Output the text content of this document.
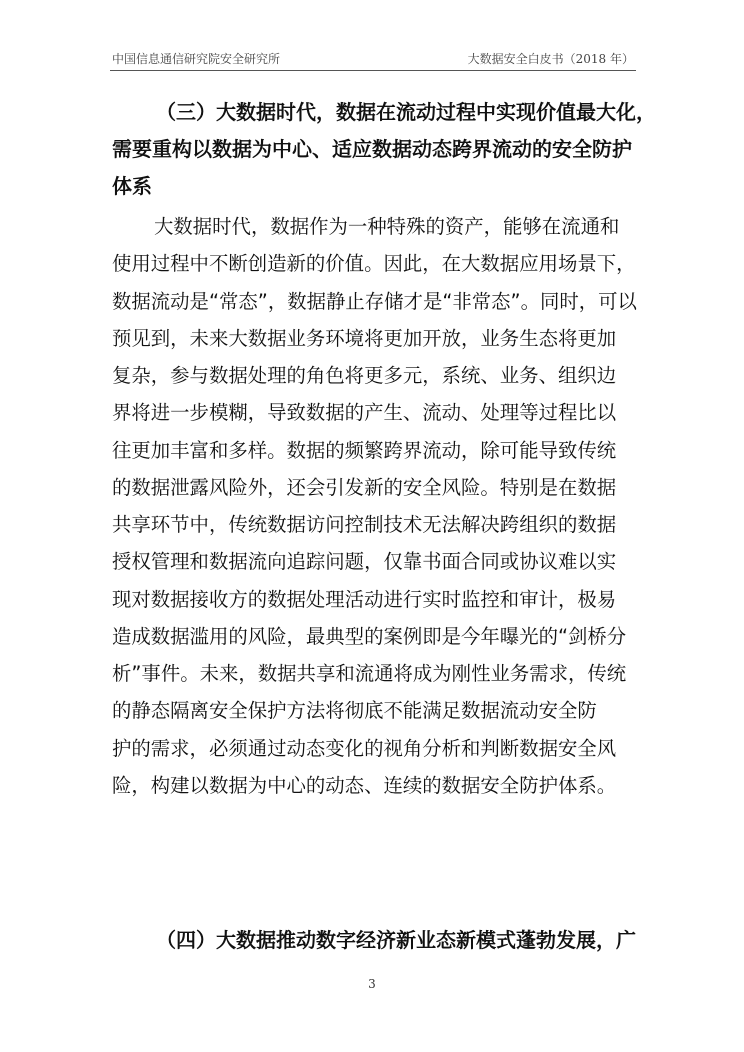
中国信息通信研究院安全研究所	大数据安全白皮书（2018 年）
（三）大数据时代，数据在流动过程中实现价值最大化，
需要重构以数据为中心、适应数据动态跨界流动的安全防护
体系
大数据时代，数据作为一种特殊的资产，能够在流通和
使用过程中不断创造新的价值。因此，在大数据应用场景下，
数据流动是“常态”，数据静止存储才是“非常态”。同时，可以
预见到，未来大数据业务环境将更加开放，业务生态将更加
复杂，参与数据处理的角色将更多元，系统、业务、组织边
界将进一步模糊，导致数据的产生、流动、处理等过程比以
往更加丰富和多样。数据的频繁跨界流动，除可能导致传统
的数据泄露风险外，还会引发新的安全风险。特别是在数据
共享环节中，传统数据访问控制技术无法解决跨组织的数据
授权管理和数据流向追踪问题，仅靠书面合同或协议难以实
现对数据接收方的数据处理活动进行实时监控和审计，极易
造成数据滥用的风险，最典型的案例即是今年曝光的“剑桥分
析”事件。未来，数据共享和流通将成为刚性业务需求，传统
的静态隔离安全保护方法将彻底不能满足数据流动安全防
护的需求，必须通过动态变化的视角分析和判断数据安全风
险，构建以数据为中心的动态、连续的数据安全防护体系。
（四）大数据推动数字经济新业态新模式蓬勃发展，广
3
